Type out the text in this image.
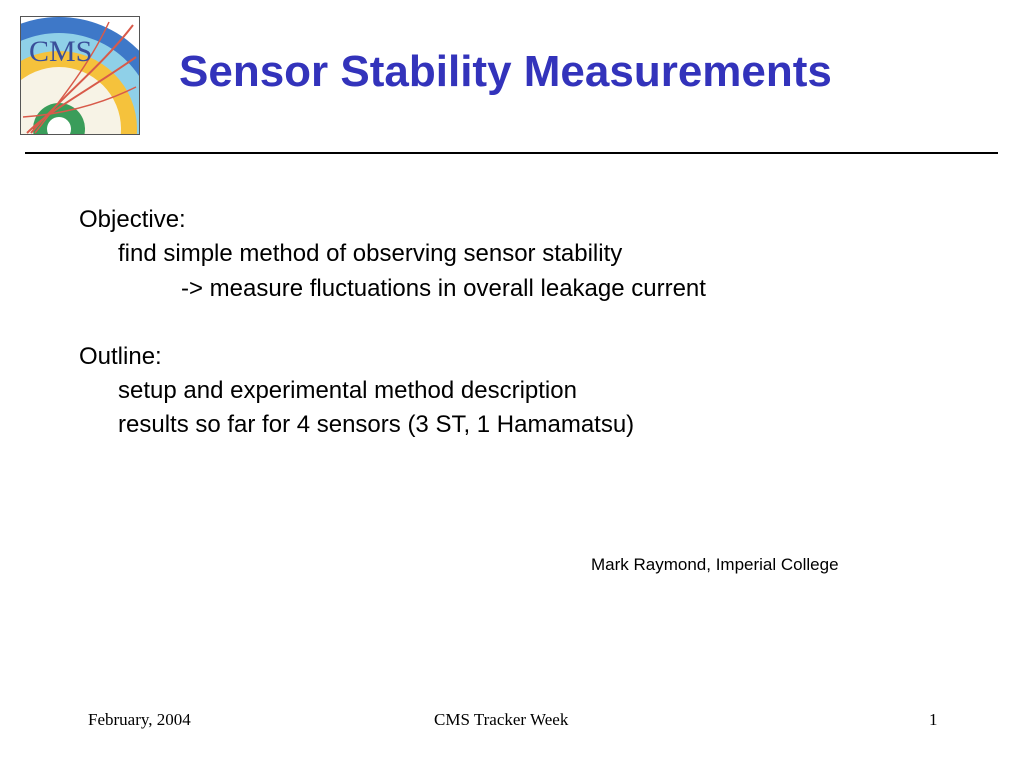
CMS Sensor Stability Measurements
Objective:
find simple method of observing sensor stability
-> measure fluctuations in overall leakage current
Outline:
setup and experimental method description
results so far for 4 sensors (3 ST, 1 Hamamatsu)
Mark Raymond, Imperial College
February, 2004	CMS Tracker Week	1
